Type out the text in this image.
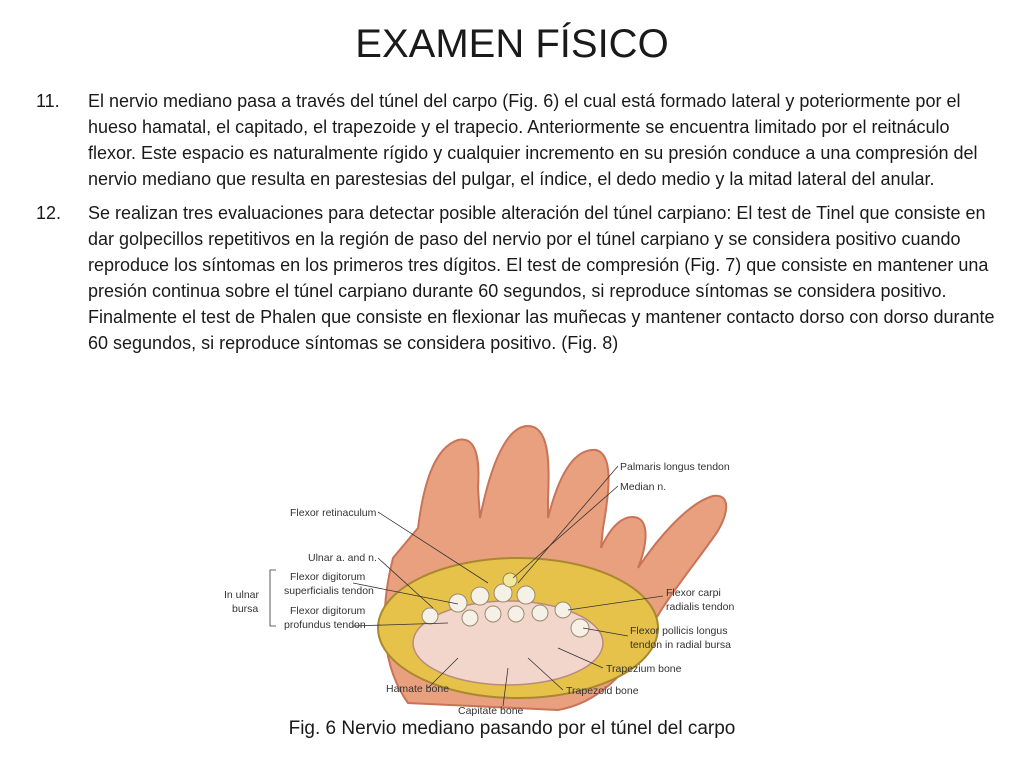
EXAMEN FÍSICO
11. El nervio mediano pasa a través del túnel del carpo (Fig. 6) el cual está formado lateral y poteriormente por el hueso hamatal, el capitado, el trapezoide y el trapecio. Anteriormente se encuentra limitado por el reitnáculo flexor. Este espacio es naturalmente rígido y cualquier incremento en su presión conduce a una compresión del nervio mediano que resulta en parestesias del pulgar, el índice, el dedo medio y la mitad lateral del anular.
12. Se realizan tres evaluaciones para detectar posible alteración del túnel carpiano: El test de Tinel que consiste en dar golpecillos repetitivos en la región de paso del nervio por el túnel carpiano y se considera positivo cuando reproduce los síntomas en los primeros tres dígitos. El test de compresión (Fig. 7) que consiste en mantener una presión continua sobre el túnel carpiano durante 60 segundos, si reproduce síntomas se considera positivo. Finalmente el test de Phalen que consiste en flexionar las muñecas y mantener contacto dorso con dorso durante 60 segundos, si reproduce síntomas se considera positivo. (Fig. 8)
Palmaris longus tendon
Median n.
Flexor retinaculum
Ulnar a. and n.
Flexor digitorum
superficialis tendon
Flexor digitorum
profundus tendon
In ulnar
bursa
Flexor carpi
radialis tendon
Flexor pollicis longus
tendon in radial bursa
Trapezium bone
Trapezoid bone
Hamate bone
Capitate bone
Fig. 6 Nervio mediano pasando por el túnel del carpo
